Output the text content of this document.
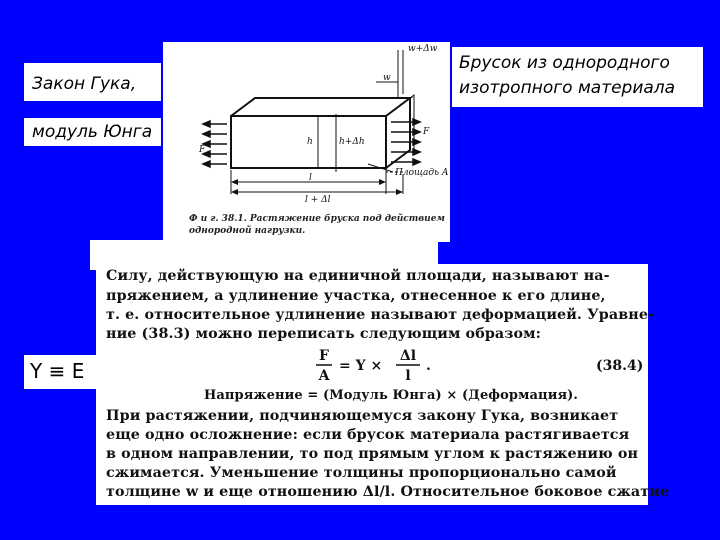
Закон Гука,
модуль Юнга
Y ≡ E
Брусок из однородного
изотропного материала
w+Δw
w
F
F
h	h+Δh
Площадь A
l
l + Δl
Ф и г. 38.1. Растяжение бруска под действием
однородной нагрузки.
Силу, действующую на единичной площади, называют на-
пряжением, а удлинение участка, отнесенное к его длине,
т. е. относительное удлинение называют деформацией. Уравне-
ние (38.3) можно переписать следующим образом:
F
A
= Y ×
Δl
l
.	(38.4)
Напряжение = (Модуль Юнга) × (Деформация).
При растяжении, подчиняющемуся закону Гука, возникает
еще одно осложнение: если брусок материала растягивается
в одном направлении, то под прямым углом к растяжению он
сжимается. Уменьшение толщины пропорционально самой
толщине w и еще отношению Δl/l. Относительное боковое сжатие
